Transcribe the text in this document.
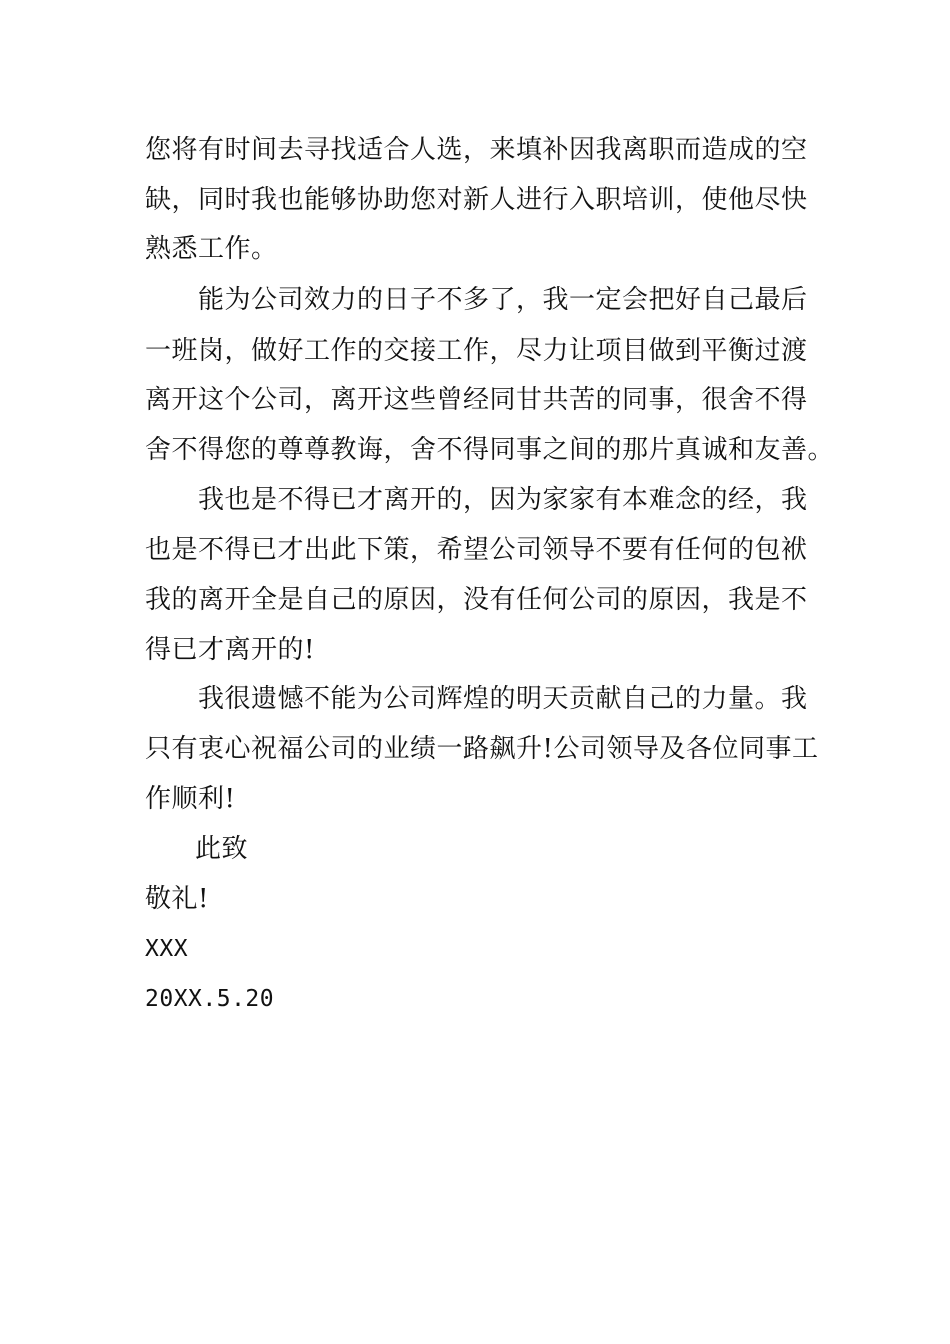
您将有时间去寻找适合人选，来填补因我离职而造成的空
缺，同时我也能够协助您对新人进行入职培训，使他尽快
熟悉工作。
能为公司效力的日子不多了，我一定会把好自己最后
一班岗，做好工作的交接工作，尽力让项目做到平衡过渡
离开这个公司，离开这些曾经同甘共苦的同事，很舍不得
舍不得您的尊尊教诲，舍不得同事之间的那片真诚和友善。
我也是不得已才离开的，因为家家有本难念的经，我
也是不得已才出此下策，希望公司领导不要有任何的包袱
我的离开全是自己的原因，没有任何公司的原因，我是不
得已才离开的!
我很遗憾不能为公司辉煌的明天贡献自己的力量。我
只有衷心祝福公司的业绩一路飙升!公司领导及各位同事工
作顺利!
此致
敬礼!
XXX
20XX.5.20
